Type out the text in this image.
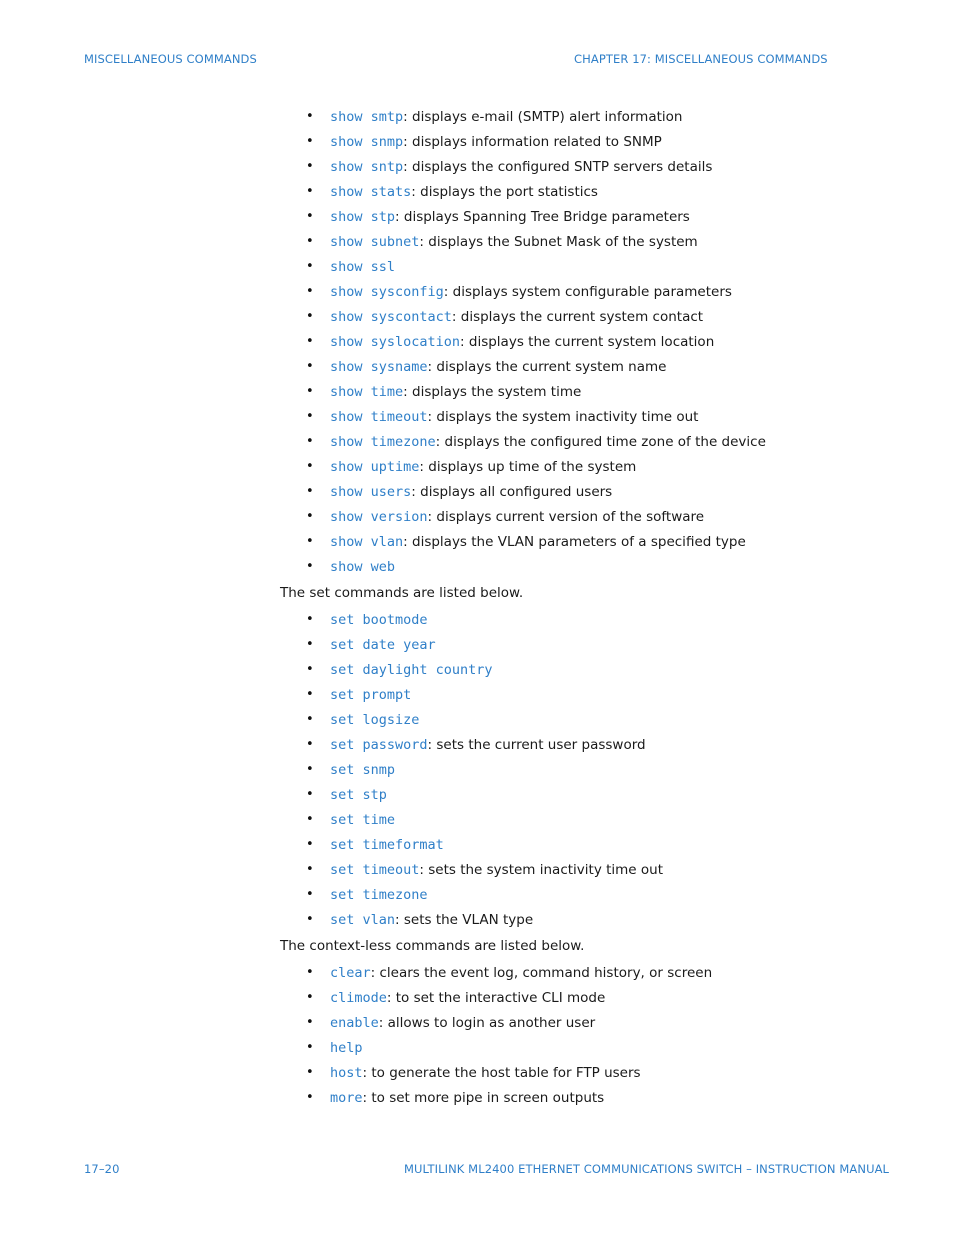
MISCELLANEOUS COMMANDS	CHAPTER 17: MISCELLANEOUS COMMANDS
• show smtp: displays e-mail (SMTP) alert information
• show snmp: displays information related to SNMP
• show sntp: displays the configured SNTP servers details
• show stats: displays the port statistics
• show stp: displays Spanning Tree Bridge parameters
• show subnet: displays the Subnet Mask of the system
• show ssl
• show sysconfig: displays system configurable parameters
• show syscontact: displays the current system contact
• show syslocation: displays the current system location
• show sysname: displays the current system name
• show time: displays the system time
• show timeout: displays the system inactivity time out
• show timezone: displays the configured time zone of the device
• show uptime: displays up time of the system
• show users: displays all configured users
• show version: displays current version of the software
• show vlan: displays the VLAN parameters of a specified type
• show web

The set commands are listed below.

• set bootmode
• set date year
• set daylight country
• set prompt
• set logsize
• set password: sets the current user password
• set snmp
• set stp
• set time
• set timeformat
• set timeout: sets the system inactivity time out
• set timezone
• set vlan: sets the VLAN type

The context-less commands are listed below.

• clear: clears the event log, command history, or screen
• climode: to set the interactive CLI mode
• enable: allows to login as another user
• help
• host: to generate the host table for FTP users
• more: to set more pipe in screen outputs
17–20	MULTILINK ML2400 ETHERNET COMMUNICATIONS SWITCH – INSTRUCTION MANUAL
